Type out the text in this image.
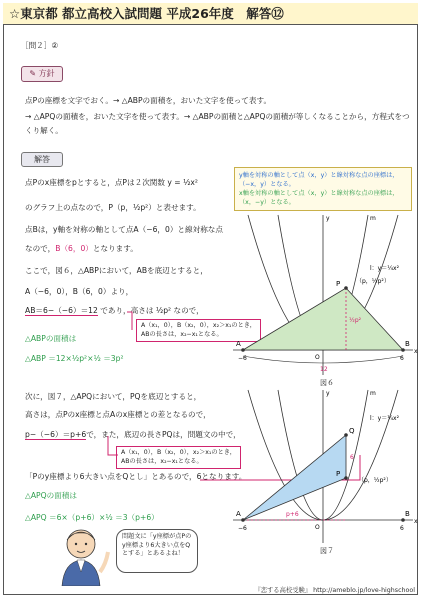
☆東京都 都立高校入試問題 平成26年度　解答⑫
［問２］②
✎ 方針
点Pの座標を文字でおく。→ △ABPの面積を，おいた文字を使って表す。
→ △APQの面積を，おいた文字を使って表す。→ △ABPの面積と△APQの面積が等しくなることから，方程式をつくり解く。
解答
点Pのx座標をpとすると，点Pは２次関数 y = ½x²
のグラフ上の点なので，P（p，½p²）と表せます。
点Bは，y軸を対称の軸として点A（−6，0）と線対称な点
なので，B（6，0）となります。
ここで，図６，△ABPにおいて，ABを底辺とすると，
A（−6，0），B（6，0）より，
AB＝6−（−6）＝12 であり，高さは ½p² なので，
△ABPの面積は
△ABP ＝12×½p²×½ ＝3p²
次に，図７，△APQにおいて，PQを底辺とすると，
高さは，点Pのx座標と点Aのx座標との差となるので，
p−（−6）＝p+6で，また，底辺の長さPQは，問題文の中で，
「Pのy座標より6大きい点をQとし」とあるので，6となります。
△APQの面積は
△APQ ＝6×（p+6）×½ ＝3（p+6）
y軸を対称の軸として点（x，y）と線対称な点の座標は，（−x，y）となる。
x軸を対称の軸として点（x，y）と線対称な点の座標は，（x，−y）となる。
A（x₁，0），B（x₂，0），x₂＞x₁のとき，
ABの長さは，x₂−x₁となる。
A（x₁，0），B（x₂，0），x₂＞x₁のとき，
ABの長さは，x₂−x₁となる。
A	B
P
O
−6	6
12
（p，½p²）
½p²
x
y	m
l：y＝¼x²
図６
A	B
P
Q
O
−6	6
6
（p，½p²）
p+6
x
y	m
l：y＝¼x²
図７
問題文に「y座標が点Pのy座標より6大きい点をQとする」とあるよね！
『恋する高校受験』 http://ameblo.jp/love-highschool
